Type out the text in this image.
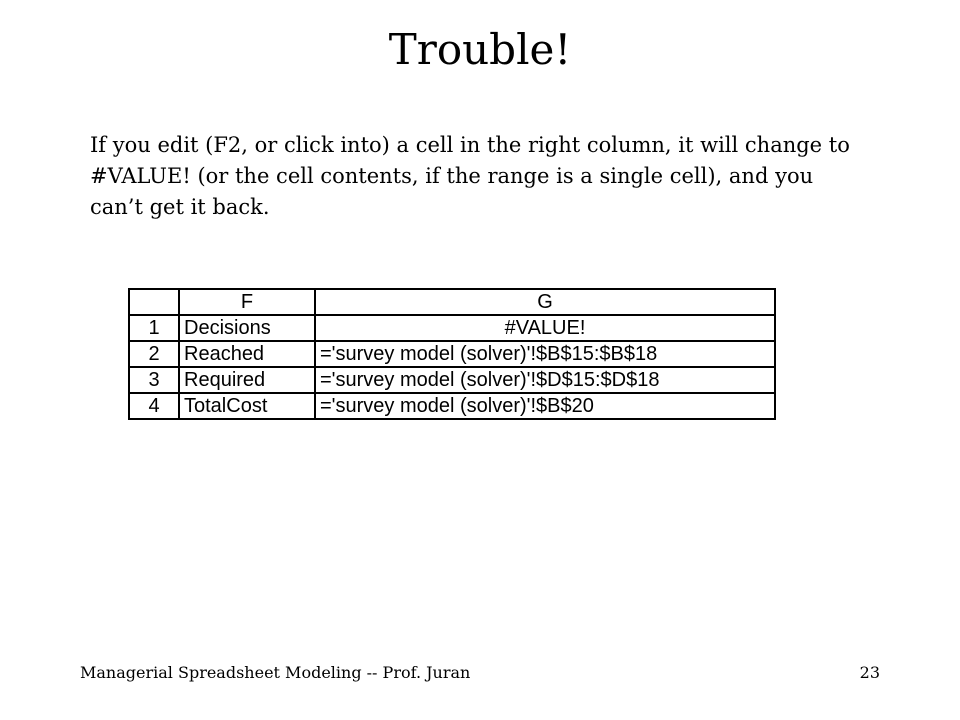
Trouble!

If you edit (F2, or click into) a cell in the right column, it will change to #VALUE! (or the cell contents, if the range is a single cell), and you can’t get it back.

	F	G
1	Decisions	#VALUE!
2	Reached	='survey model (solver)'!$B$15:$B$18
3	Required	='survey model (solver)'!$D$15:$D$18
4	TotalCost	='survey model (solver)'!$B$20

Managerial Spreadsheet Modeling -- Prof. Juran	23
